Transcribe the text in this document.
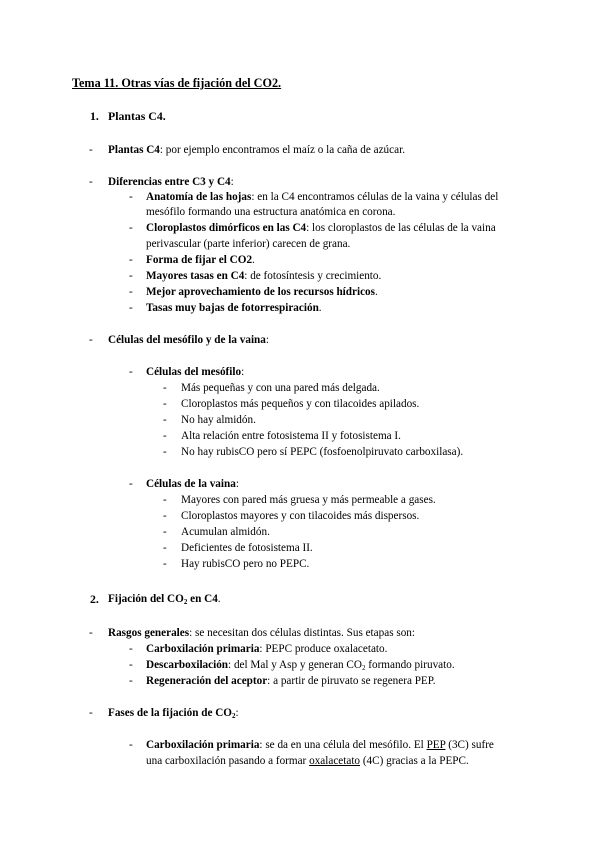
Tema 11. Otras vías de fijación del CO2.
1. Plantas C4.
- Plantas C4: por ejemplo encontramos el maíz o la caña de azúcar.
- Diferencias entre C3 y C4:
- Anatomía de las hojas: en la C4 encontramos células de la vaina y células del
mesófilo formando una estructura anatómica en corona.
- Cloroplastos dimórficos en las C4: los cloroplastos de las células de la vaina
perivascular (parte inferior) carecen de grana.
- Forma de fijar el CO2.
- Mayores tasas en C4: de fotosíntesis y crecimiento.
- Mejor aprovechamiento de los recursos hídricos.
- Tasas muy bajas de fotorrespiración.
- Células del mesófilo y de la vaina:
- Células del mesófilo:
- Más pequeñas y con una pared más delgada.
- Cloroplastos más pequeños y con tilacoides apilados.
- No hay almidón.
- Alta relación entre fotosistema II y fotosistema I.
- No hay rubisCO pero sí PEPC (fosfoenolpiruvato carboxilasa).
- Células de la vaina:
- Mayores con pared más gruesa y más permeable a gases.
- Cloroplastos mayores y con tilacoides más dispersos.
- Acumulan almidón.
- Deficientes de fotosistema II.
- Hay rubisCO pero no PEPC.
2. Fijación del $CO_2$ en C4.
- Rasgos generales: se necesitan dos células distintas. Sus etapas son:
- Carboxilación primaria: PEPC produce oxalacetato.
- Descarboxilación: del Mal y Asp y generan $CO_2$ formando piruvato.
- Regeneración del aceptor: a partir de piruvato se regenera PEP.
- Fases de la fijación de $CO_2$:
- Carboxilación primaria: se da en una célula del mesófilo. El PEP (3C) sufre
una carboxilación pasando a formar oxalacetato (4C) gracias a la PEPC.
